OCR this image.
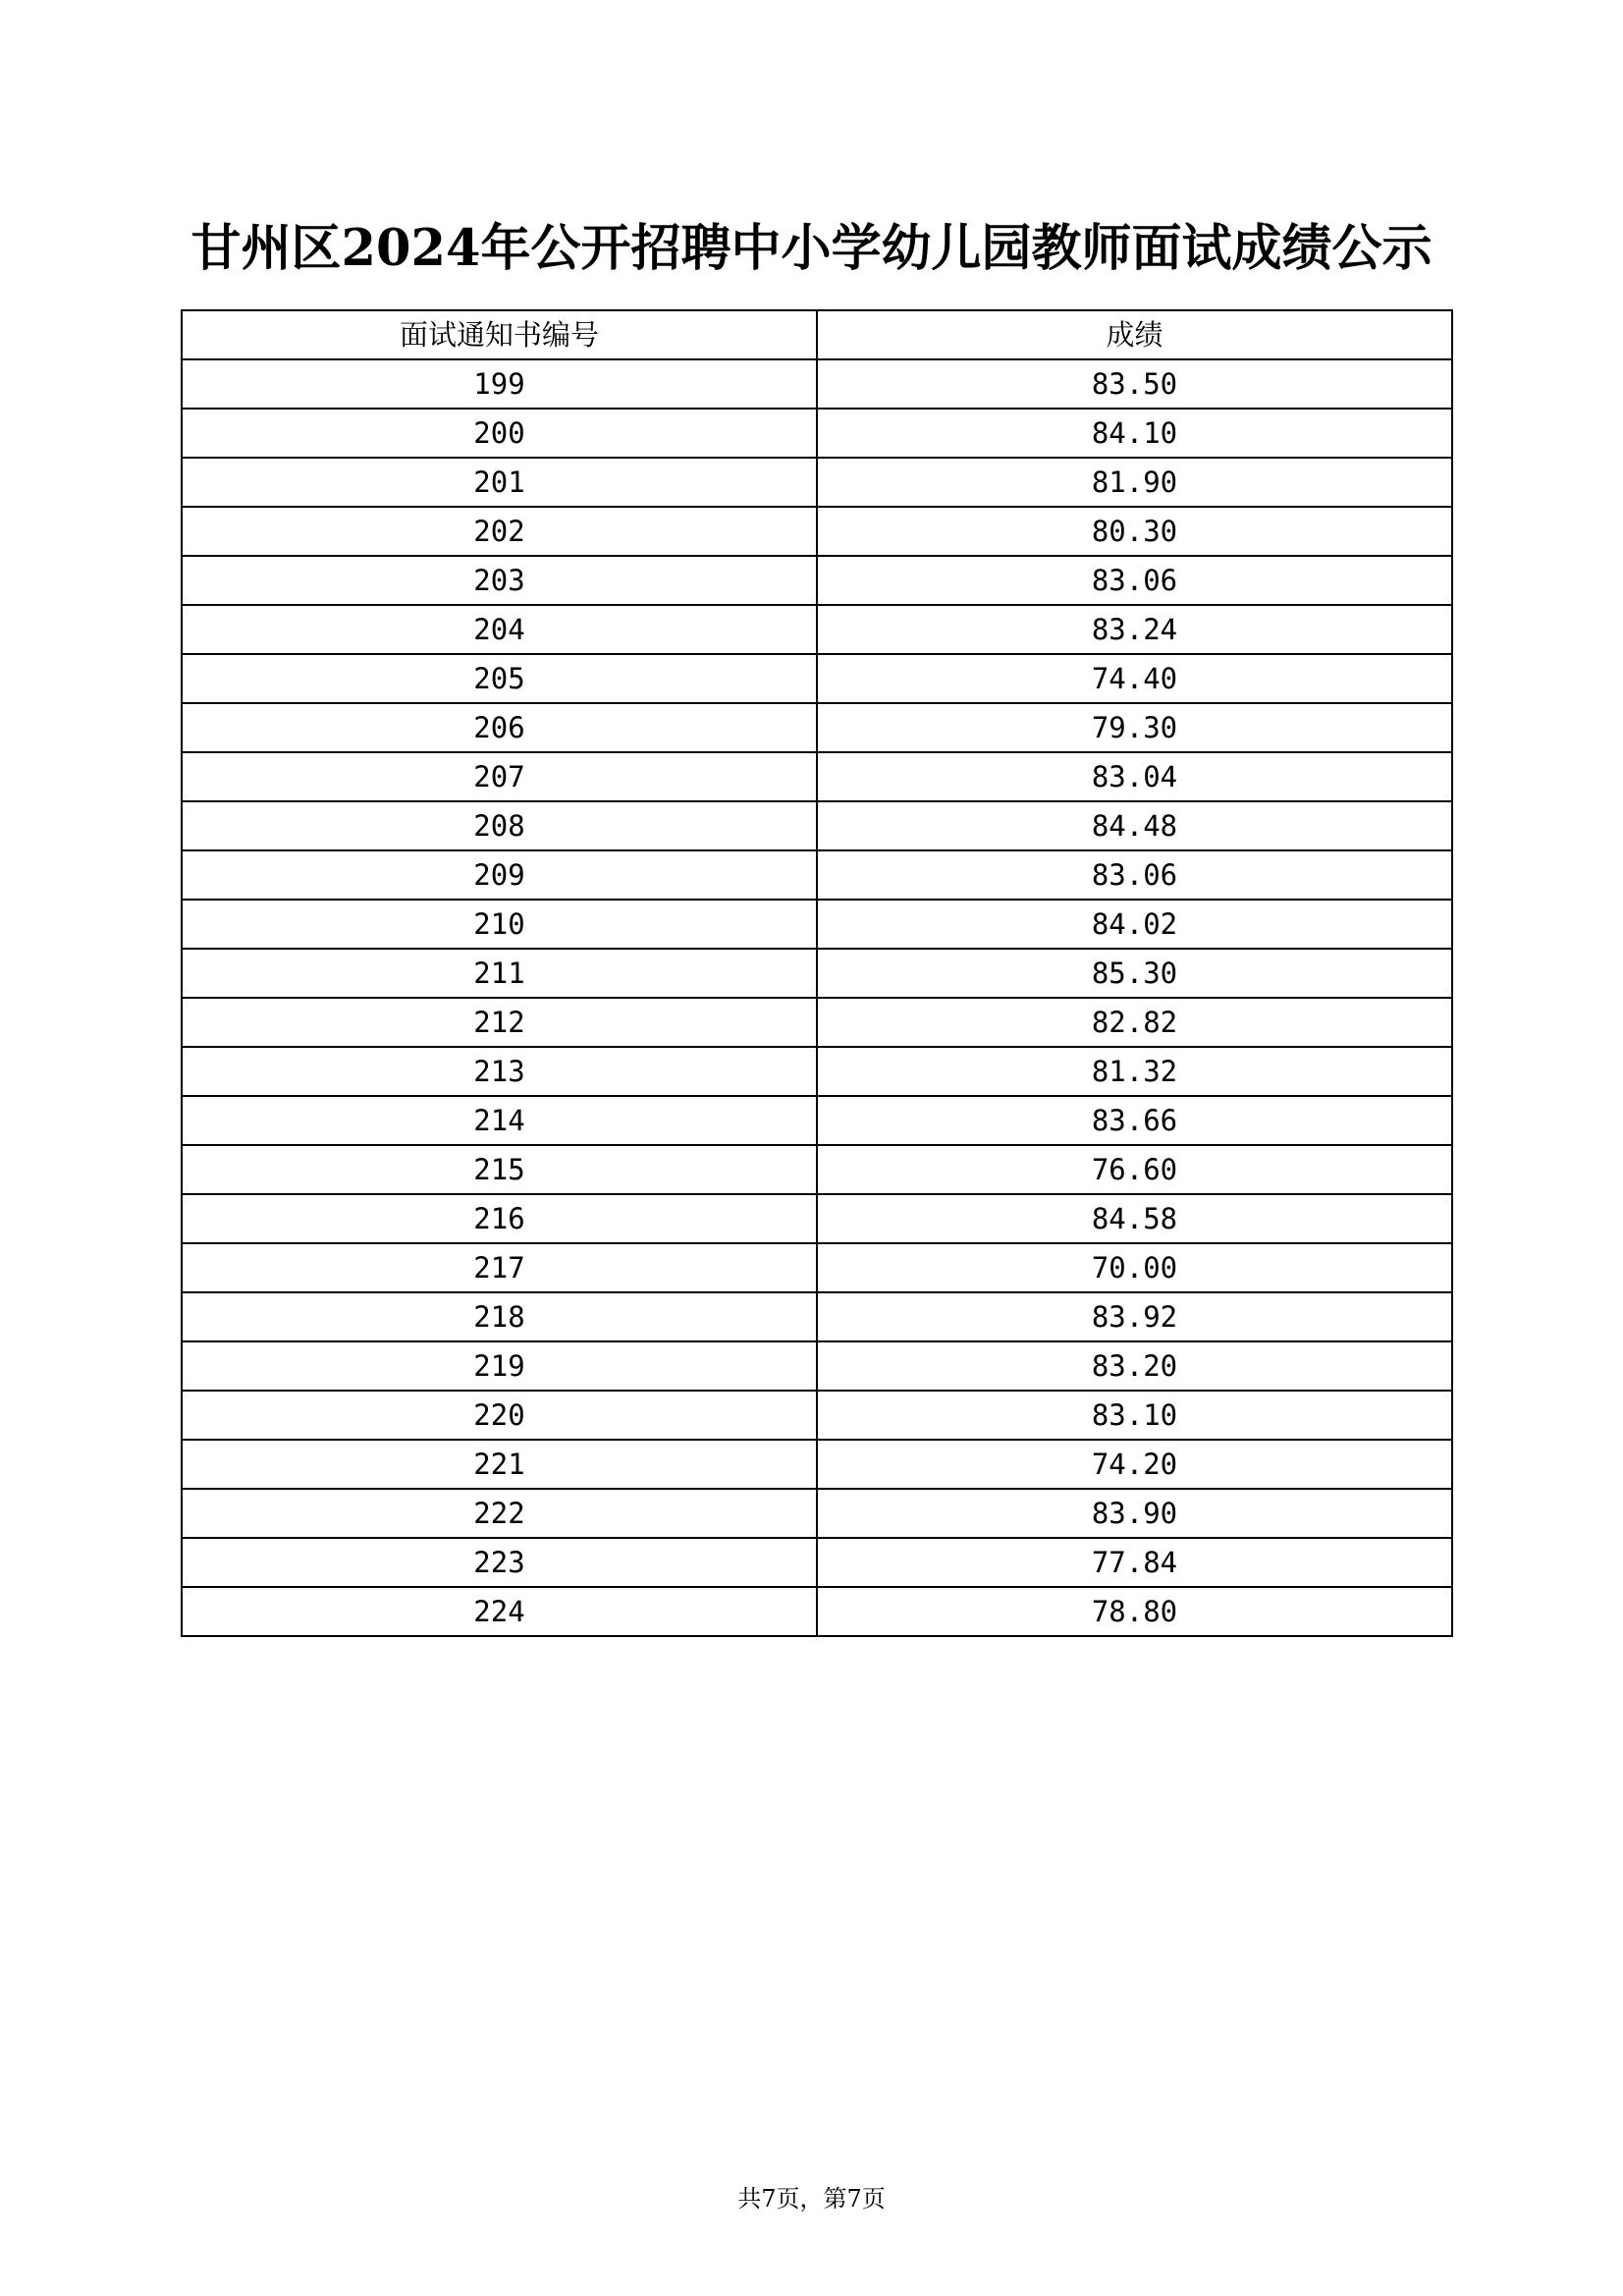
甘州区2024年公开招聘中小学幼儿园教师面试成绩公示
面试通知书编号	成绩
199	83.50
200	84.10
201	81.90
202	80.30
203	83.06
204	83.24
205	74.40
206	79.30
207	83.04
208	84.48
209	83.06
210	84.02
211	85.30
212	82.82
213	81.32
214	83.66
215	76.60
216	84.58
217	70.00
218	83.92
219	83.20
220	83.10
221	74.20
222	83.90
223	77.84
224	78.80
共7页，第7页
